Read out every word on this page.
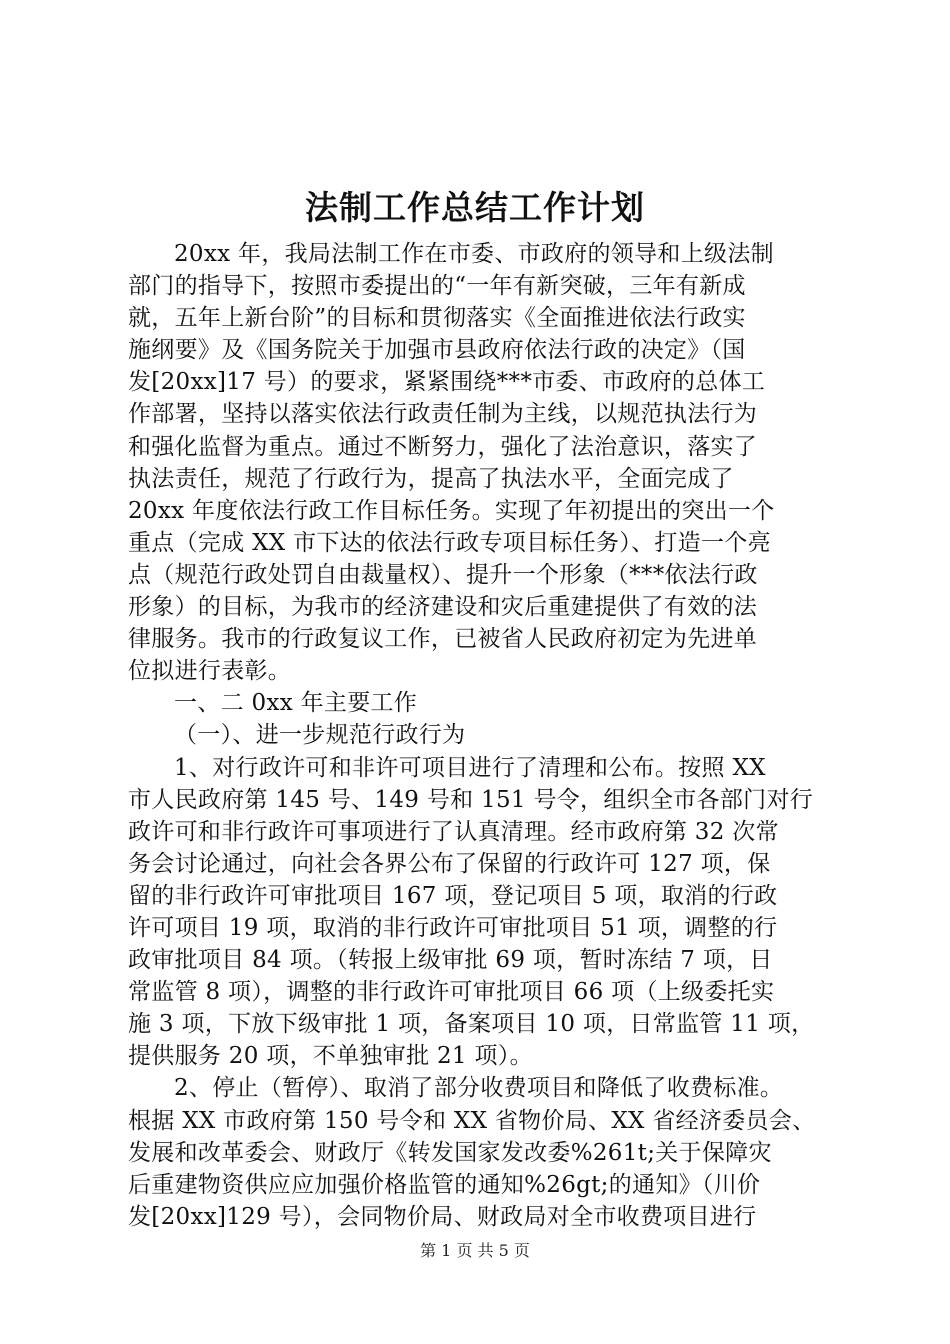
法制工作总结工作计划
20xx 年，我局法制工作在市委、市政府的领导和上级法制
部门的指导下，按照市委提出的“一年有新突破，三年有新成
就，五年上新台阶”的目标和贯彻落实《全面推进依法行政实
施纲要》及《国务院关于加强市县政府依法行政的决定》（国
发[20xx]17 号）的要求，紧紧围绕***市委、市政府的总体工
作部署，坚持以落实依法行政责任制为主线，以规范执法行为
和强化监督为重点。通过不断努力，强化了法治意识，落实了
执法责任，规范了行政行为，提高了执法水平，全面完成了
20xx 年度依法行政工作目标任务。实现了年初提出的突出一个
重点（完成 XX 市下达的依法行政专项目标任务）、打造一个亮
点（规范行政处罚自由裁量权）、提升一个形象（***依法行政
形象）的目标，为我市的经济建设和灾后重建提供了有效的法
律服务。我市的行政复议工作，已被省人民政府初定为先进单
位拟进行表彰。
一、二 0xx 年主要工作
（一）、进一步规范行政行为
1、对行政许可和非许可项目进行了清理和公布。按照 XX
市人民政府第 145 号、149 号和 151 号令，组织全市各部门对行
政许可和非行政许可事项进行了认真清理。经市政府第 32 次常
务会讨论通过，向社会各界公布了保留的行政许可 127 项，保
留的非行政许可审批项目 167 项，登记项目 5 项，取消的行政
许可项目 19 项，取消的非行政许可审批项目 51 项，调整的行
政审批项目 84 项。（转报上级审批 69 项，暂时冻结 7 项，日
常监管 8 项），调整的非行政许可审批项目 66 项（上级委托实
施 3 项，下放下级审批 1 项，备案项目 10 项，日常监管 11 项，
提供服务 20 项，不单独审批 21 项）。
2、停止（暂停）、取消了部分收费项目和降低了收费标准。
根据 XX 市政府第 150 号令和 XX 省物价局、XX 省经济委员会、
发展和改革委会、财政厅《转发国家发改委%261t;关于保障灾
后重建物资供应应加强价格监管的通知%26gt;的通知》（川价
发[20xx]129 号），会同物价局、财政局对全市收费项目进行
第 1 页 共 5 页
